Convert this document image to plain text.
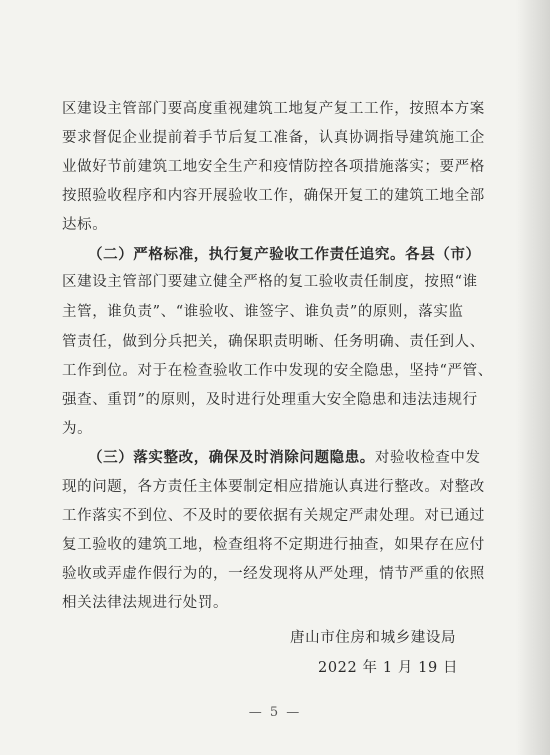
区建设主管部门要高度重视建筑工地复产复工工作，按照本方案
要求督促企业提前着手节后复工准备，认真协调指导建筑施工企
业做好节前建筑工地安全生产和疫情防控各项措施落实；要严格
按照验收程序和内容开展验收工作，确保开复工的建筑工地全部
达标。
（二）严格标准，执行复产验收工作责任追究。各县（市）
区建设主管部门要建立健全严格的复工验收责任制度，按照“谁
主管，谁负责”、“谁验收、谁签字、谁负责”的原则，落实监
管责任，做到分兵把关，确保职责明晰、任务明确、责任到人、
工作到位。对于在检查验收工作中发现的安全隐患，坚持“严管、
强查、重罚”的原则，及时进行处理重大安全隐患和违法违规行
为。
（三）落实整改，确保及时消除问题隐患。对验收检查中发
现的问题，各方责任主体要制定相应措施认真进行整改。对整改
工作落实不到位、不及时的要依据有关规定严肃处理。对已通过
复工验收的建筑工地，检查组将不定期进行抽查，如果存在应付
验收或弄虚作假行为的，一经发现将从严处理，情节严重的依照
相关法律法规进行处罚。
唐山市住房和城乡建设局
2022 年 1 月 19 日
— 5 —
